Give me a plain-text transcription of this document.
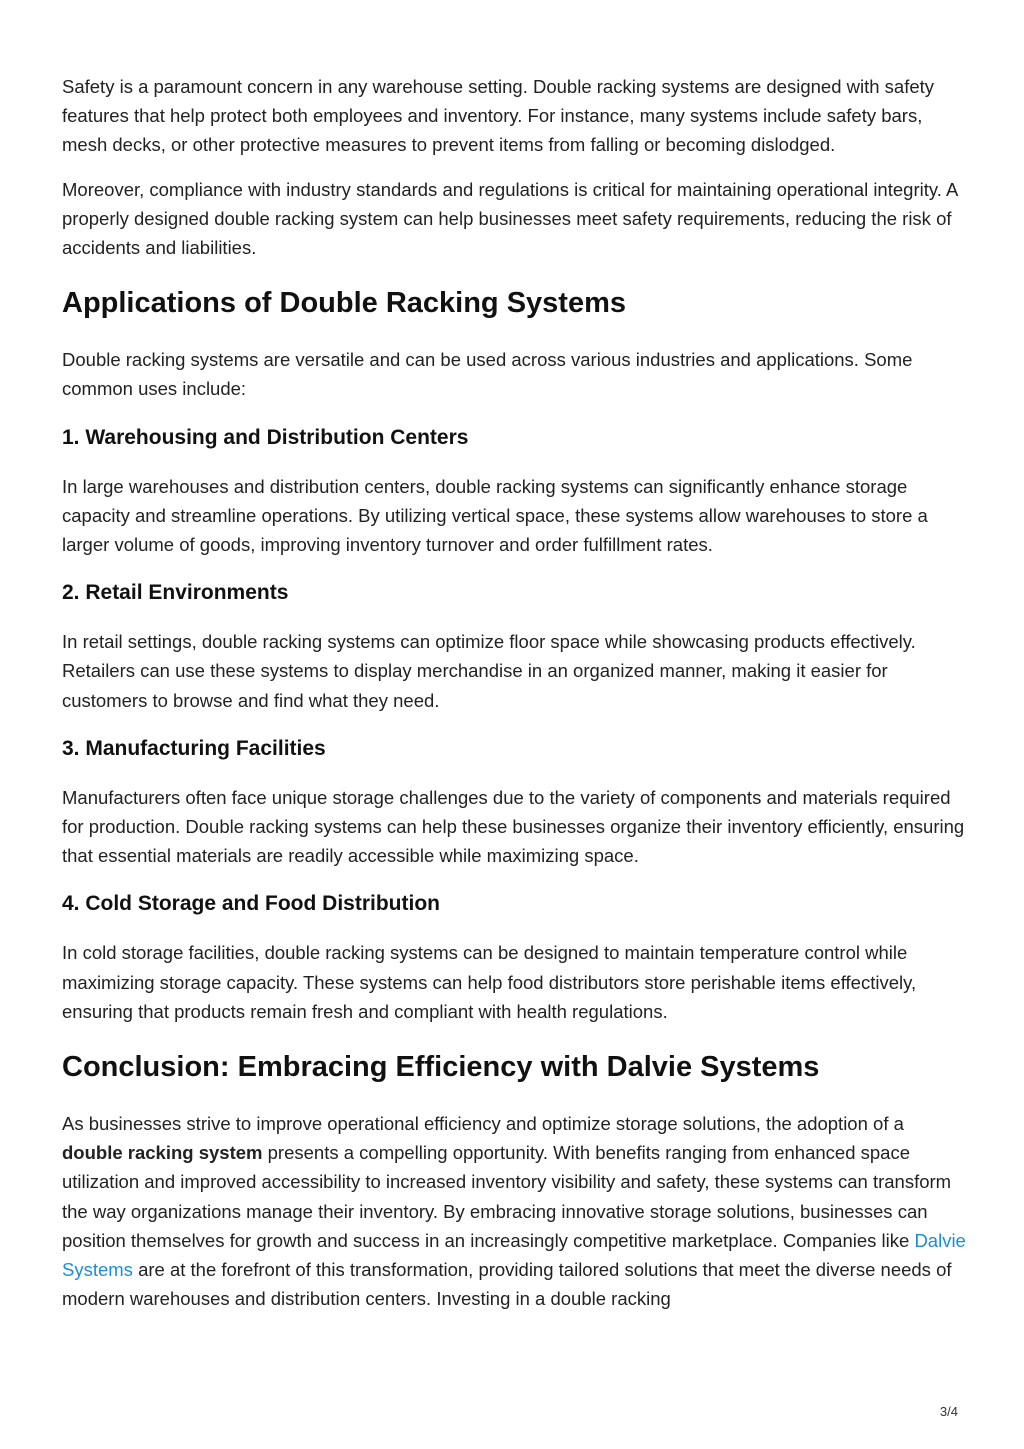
Safety is a paramount concern in any warehouse setting. Double racking systems are designed with safety features that help protect both employees and inventory. For instance, many systems include safety bars, mesh decks, or other protective measures to prevent items from falling or becoming dislodged.

Moreover, compliance with industry standards and regulations is critical for maintaining operational integrity. A properly designed double racking system can help businesses meet safety requirements, reducing the risk of accidents and liabilities.

Applications of Double Racking Systems

Double racking systems are versatile and can be used across various industries and applications. Some common uses include:

1. Warehousing and Distribution Centers

In large warehouses and distribution centers, double racking systems can significantly enhance storage capacity and streamline operations. By utilizing vertical space, these systems allow warehouses to store a larger volume of goods, improving inventory turnover and order fulfillment rates.

2. Retail Environments

In retail settings, double racking systems can optimize floor space while showcasing products effectively. Retailers can use these systems to display merchandise in an organized manner, making it easier for customers to browse and find what they need.

3. Manufacturing Facilities

Manufacturers often face unique storage challenges due to the variety of components and materials required for production. Double racking systems can help these businesses organize their inventory efficiently, ensuring that essential materials are readily accessible while maximizing space.

4. Cold Storage and Food Distribution

In cold storage facilities, double racking systems can be designed to maintain temperature control while maximizing storage capacity. These systems can help food distributors store perishable items effectively, ensuring that products remain fresh and compliant with health regulations.

Conclusion: Embracing Efficiency with Dalvie Systems

As businesses strive to improve operational efficiency and optimize storage solutions, the adoption of a double racking system presents a compelling opportunity. With benefits ranging from enhanced space utilization and improved accessibility to increased inventory visibility and safety, these systems can transform the way organizations manage their inventory. By embracing innovative storage solutions, businesses can position themselves for growth and success in an increasingly competitive marketplace. Companies like Dalvie Systems are at the forefront of this transformation, providing tailored solutions that meet the diverse needs of modern warehouses and distribution centers. Investing in a double racking

3/4
